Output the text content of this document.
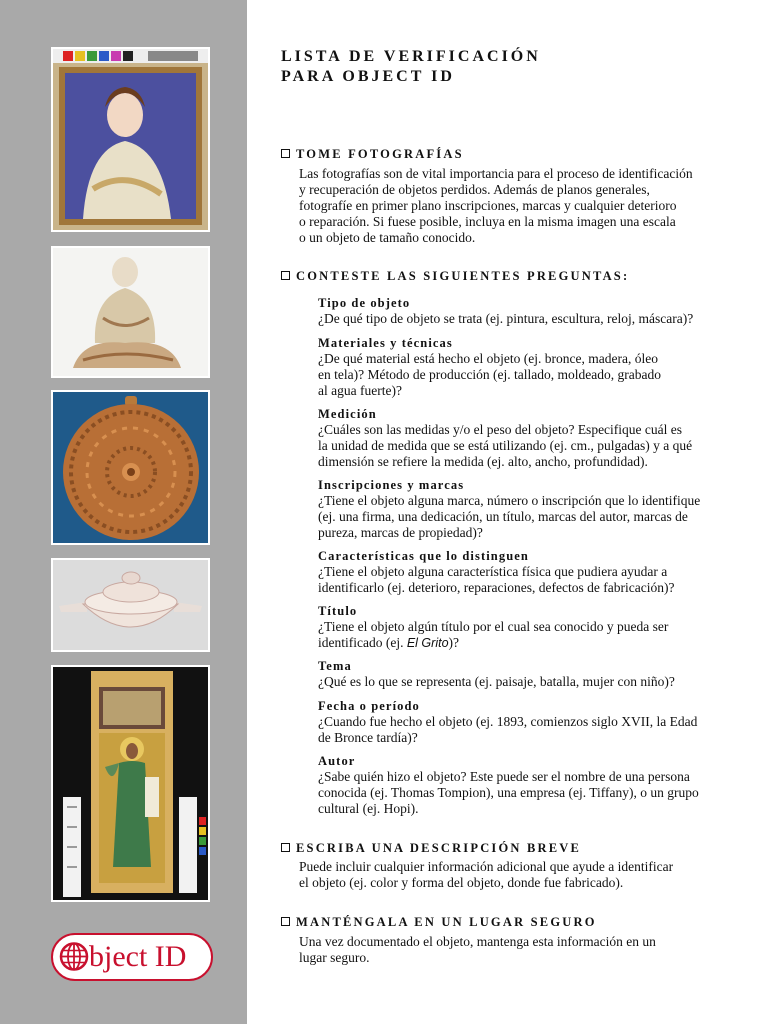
bject ID
LISTA DE VERIFICACIÓN
PARA OBJECT ID
TOME FOTOGRAFÍAS
Las fotografías son de vital importancia para el proceso de identificación
y recuperación de objetos perdidos. Además de planos generales,
fotografíe en primer plano inscripciones, marcas y cualquier deterioro
o reparación. Si fuese posible, incluya en la misma imagen una escala
o un objeto de tamaño conocido.
CONTESTE LAS SIGUIENTES PREGUNTAS:
Tipo de objeto
¿De qué tipo de objeto se trata (ej. pintura, escultura, reloj, máscara)?
Materiales y técnicas
¿De qué material está hecho el objeto (ej. bronce, madera, óleo
en tela)? Método de producción (ej. tallado, moldeado, grabado
al agua fuerte)?
Medición
¿Cuáles son las medidas y/o el peso del objeto? Especifique cuál es
la unidad de medida que se está utilizando (ej. cm., pulgadas) y a qué
dimensión se refiere la medida (ej. alto, ancho, profundidad).
Inscripciones y marcas
¿Tiene el objeto alguna marca, número o inscripción que lo identifique
(ej. una firma, una dedicación, un título, marcas del autor, marcas de
pureza, marcas de propiedad)?
Características que lo distinguen
¿Tiene el objeto alguna característica física que pudiera ayudar a
identificarlo (ej. deterioro, reparaciones, defectos de fabricación)?
Título
¿Tiene el objeto algún título por el cual sea conocido y pueda ser
identificado (ej. El Grito)?
Tema
¿Qué es lo que se representa (ej. paisaje, batalla, mujer con niño)?
Fecha o período
¿Cuando fue hecho el objeto (ej. 1893, comienzos siglo XVII, la Edad
de Bronce tardía)?
Autor
¿Sabe quién hizo el objeto? Este puede ser el nombre de una persona
conocida (ej. Thomas Tompion), una empresa (ej. Tiffany), o un grupo
cultural (ej. Hopi).
ESCRIBA UNA DESCRIPCIÓN BREVE
Puede incluir cualquier información adicional que ayude a identificar
el objeto (ej. color y forma del objeto, donde fue fabricado).
MANTÉNGALA EN UN LUGAR SEGURO
Una vez documentado el objeto, mantenga esta información en un
lugar seguro.
